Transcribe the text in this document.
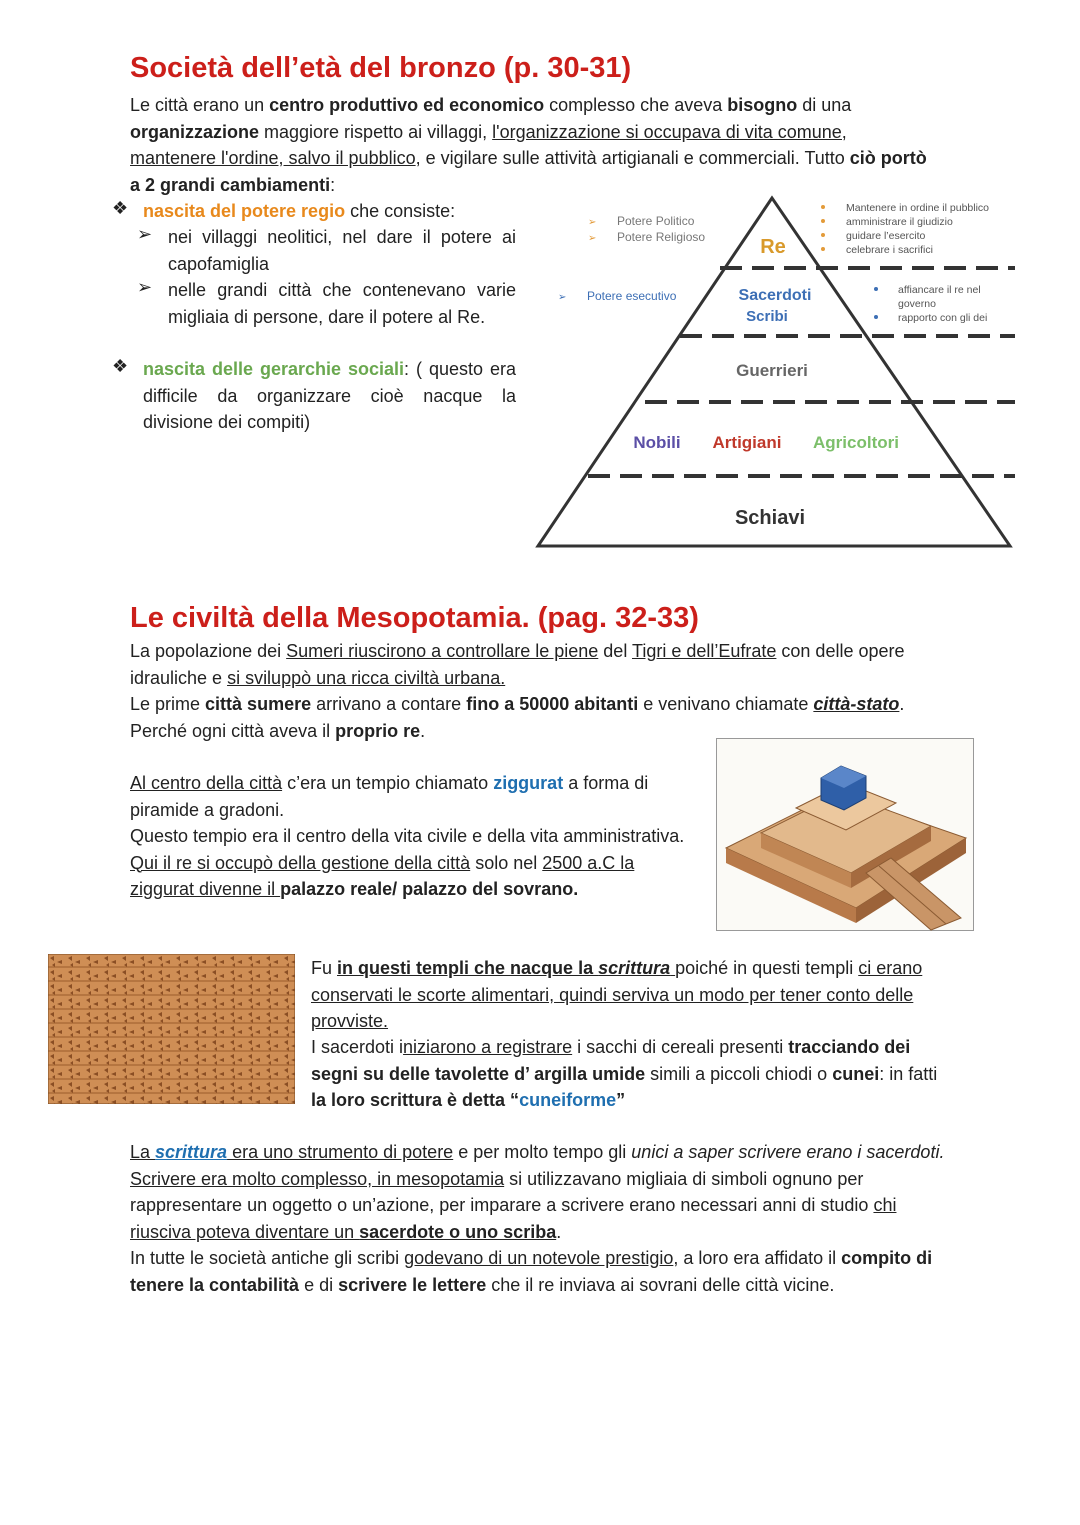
Società dell’età del bronzo (p. 30-31)
Le città erano un centro produttivo ed economico complesso che aveva bisogno di una organizzazione maggiore rispetto ai villaggi, l'organizzazione si occupava di vita comune, mantenere l'ordine, salvo il pubblico, e vigilare sulle attività artigianali e commerciali. Tutto ciò portò a 2 grandi cambiamenti:
❖ nascita del potere regio che consiste:
➢ nei villaggi neolitici, nel dare il potere ai capofamiglia
➢ nelle grandi città che contenevano varie migliaia di persone, dare il potere al Re.
❖ nascita delle gerarchie sociali: ( questo era difficile da organizzare cioè nacque la divisione dei compiti)
➢ Potere Politico
➢ Potere Religioso
➢ Potere esecutivo
Mantenere in ordine il pubblico
amministrare il giudizio
guidare l’esercito
celebrare i sacrifici
affiancare il re nel
governo
rapporto con gli dei
Re
Sacerdoti
Scribi
Guerrieri
Nobili Artigiani Agricoltori
Schiavi
Le civiltà della Mesopotamia. (pag. 32-33)
La popolazione dei Sumeri riuscirono a controllare le piene del Tigri e dell’Eufrate con delle opere idrauliche e si sviluppò una ricca civiltà urbana.
Le prime città sumere arrivano a contare fino a 50000 abitanti e venivano chiamate città-stato. Perché ogni città aveva il proprio re.
Al centro della città c’era un tempio chiamato ziggurat a forma di piramide a gradoni.
Questo tempio era il centro della vita civile e della vita amministrativa. Qui il re si occupò della gestione della città solo nel 2500 a.C la ziggurat divenne il palazzo reale/ palazzo del sovrano.
Fu in questi templi che nacque la scrittura poiché in questi templi ci erano conservati le scorte alimentari, quindi serviva un modo per tener conto delle provviste.
I sacerdoti iniziarono a registrare i sacchi di cereali presenti tracciando dei segni su delle tavolette d’ argilla umide simili a piccoli chiodi o cunei: in fatti la loro scrittura è detta “cuneiforme”
La scrittura era uno strumento di potere e per molto tempo gli unici a saper scrivere erano i sacerdoti. Scrivere era molto complesso, in mesopotamia si utilizzavano migliaia di simboli ognuno per rappresentare un oggetto o un’azione, per imparare a scrivere erano necessari anni di studio chi riusciva poteva diventare un sacerdote o uno scriba.
In tutte le società antiche gli scribi godevano di un notevole prestigio, a loro era affidato il compito di tenere la contabilità e di scrivere le lettere che il re inviava ai sovrani delle città vicine.
